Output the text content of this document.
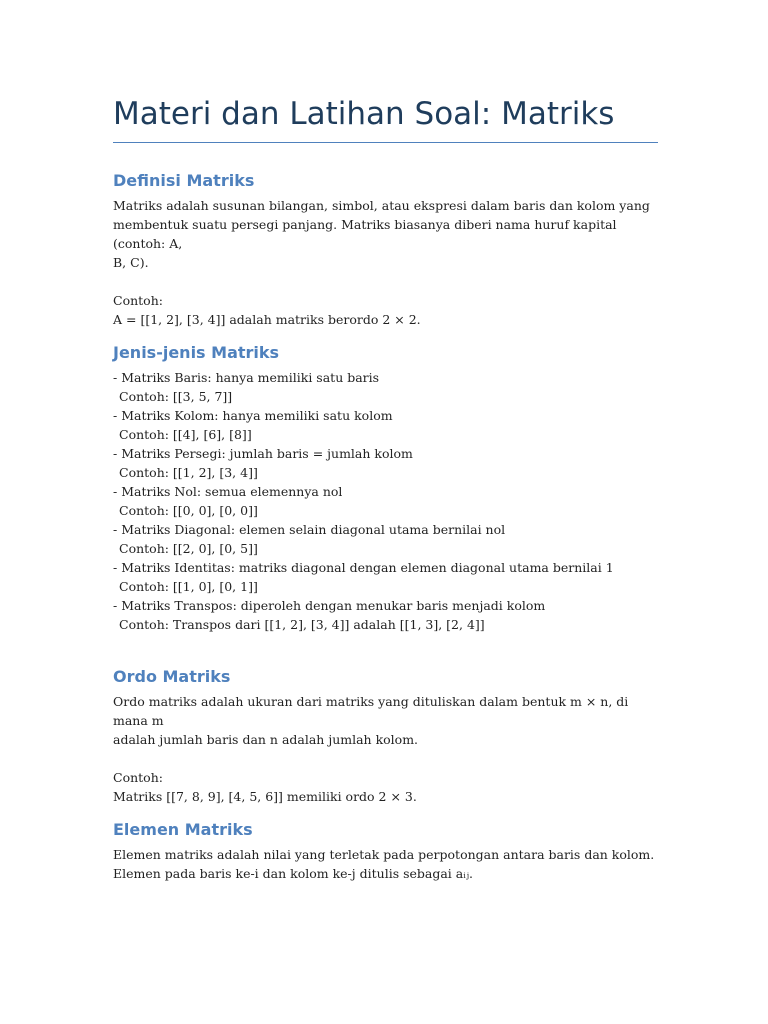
Materi dan Latihan Soal: Matriks
Definisi Matriks

Matriks adalah susunan bilangan, simbol, atau ekspresi dalam baris dan kolom yang

membentuk suatu persegi panjang. Matriks biasanya diberi nama huruf kapital (contoh: A,

B, C).

Contoh:

A = [[1, 2], [3, 4]] adalah matriks berordo 2 × 2.

Jenis-jenis Matriks

- Matriks Baris: hanya memiliki satu baris

Contoh: [[3, 5, 7]]

- Matriks Kolom: hanya memiliki satu kolom

Contoh: [[4], [6], [8]]

- Matriks Persegi: jumlah baris = jumlah kolom

Contoh: [[1, 2], [3, 4]]

- Matriks Nol: semua elemennya nol

Contoh: [[0, 0], [0, 0]]

- Matriks Diagonal: elemen selain diagonal utama bernilai nol

Contoh: [[2, 0], [0, 5]]

- Matriks Identitas: matriks diagonal dengan elemen diagonal utama bernilai 1

Contoh: [[1, 0], [0, 1]]

- Matriks Transpos: diperoleh dengan menukar baris menjadi kolom

Contoh: Transpos dari [[1, 2], [3, 4]] adalah [[1, 3], [2, 4]]

Ordo Matriks

Ordo matriks adalah ukuran dari matriks yang dituliskan dalam bentuk m × n, di mana m

adalah jumlah baris dan n adalah jumlah kolom.

Contoh:

Matriks [[7, 8, 9], [4, 5, 6]] memiliki ordo 2 × 3.

Elemen Matriks

Elemen matriks adalah nilai yang terletak pada perpotongan antara baris dan kolom.

Elemen pada baris ke-i dan kolom ke-j ditulis sebagai aᵢⱼ.
